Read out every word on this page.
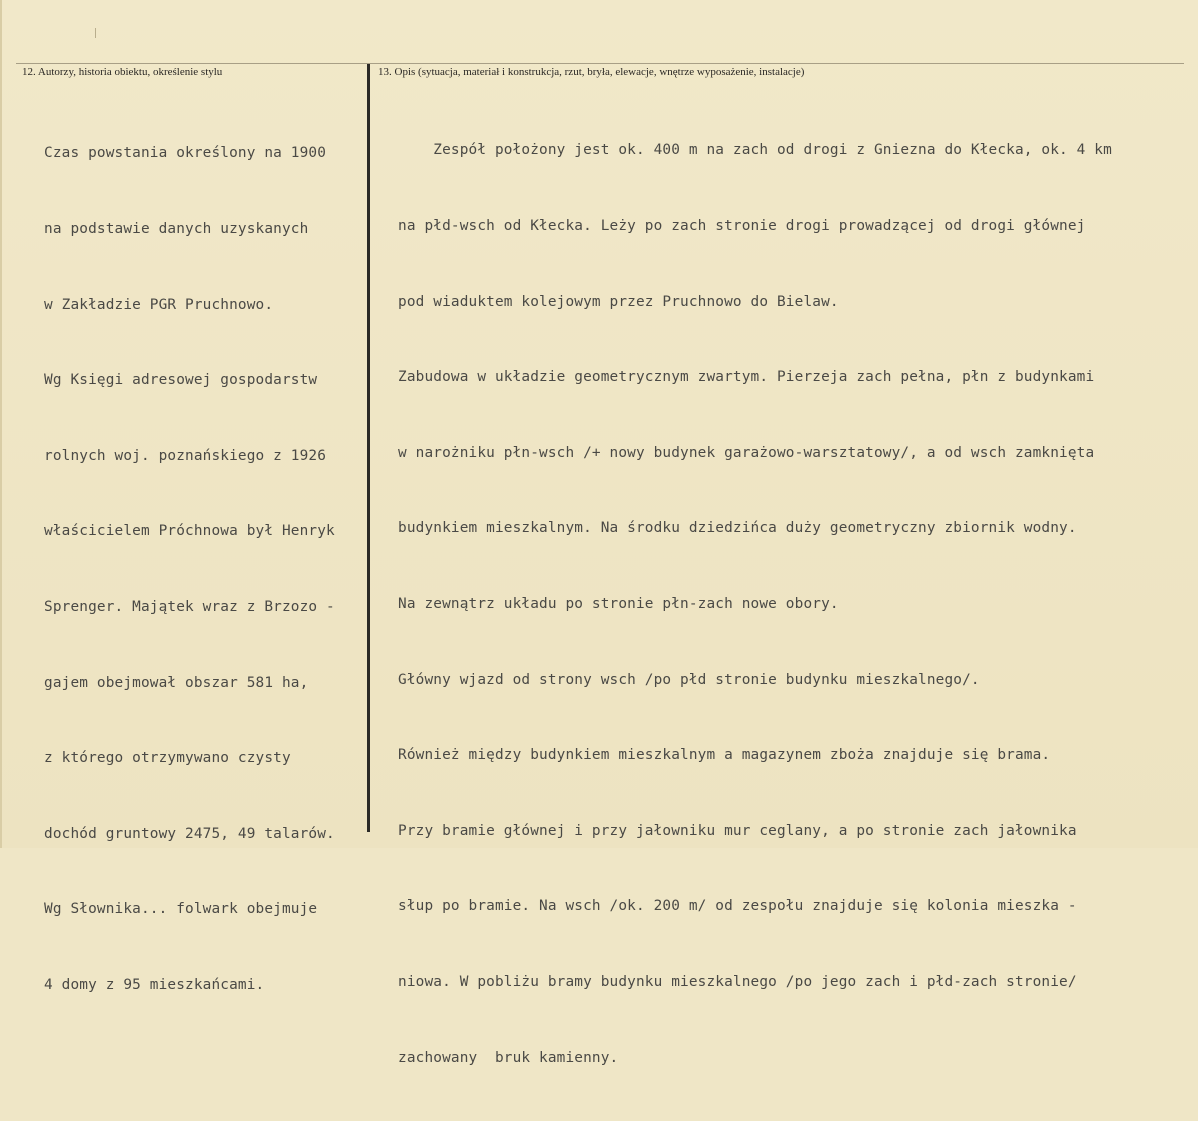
12. Autorzy, historia obiektu, określenie stylu	13. Opis (sytuacja, materiał i konstrukcja, rzut, bryła, elewacje, wnętrze wyposażenie, instalacje)

Czas powstania określony na 1900

na podstawie danych uzyskanych

w Zakładzie PGR Pruchnowo.

Wg Księgi adresowej gospodarstw

rolnych woj. poznańskiego z 1926

właścicielem Próchnowa był Henryk

Sprenger. Majątek wraz z Brzozo -

gajem obejmował obszar 581 ha,

z którego otrzymywano czysty

dochód gruntowy 2475, 49 talarów.

Wg Słownika... folwark obejmuje

4 domy z 95 mieszkańcami.

Zespół położony jest ok. 400 m na zach od drogi z Gniezna do Kłecka, ok. 4 km

na płd-wsch od Kłecka. Leży po zach stronie drogi prowadzącej od drogi głównej

pod wiaduktem kolejowym przez Pruchnowo do Bielaw.

Zabudowa w układzie geometrycznym zwartym. Pierzeja zach pełna, płn z budynkami

w narożniku płn-wsch /+ nowy budynek garażowo-warsztatowy/, a od wsch zamknięta

budynkiem mieszkalnym. Na środku dziedzińca duży geometryczny zbiornik wodny.

Na zewnątrz układu po stronie płn-zach nowe obory.

Główny wjazd od strony wsch /po płd stronie budynku mieszkalnego/.

Również między budynkiem mieszkalnym a magazynem zboża znajduje się brama.

Przy bramie głównej i przy jałowniku mur ceglany, a po stronie zach jałownika

słup po bramie. Na wsch /ok. 200 m/ od zespołu znajduje się kolonia mieszka -

niowa. W pobliżu bramy budynku mieszkalnego /po jego zach i płd-zach stronie/

zachowany  bruk kamienny.
